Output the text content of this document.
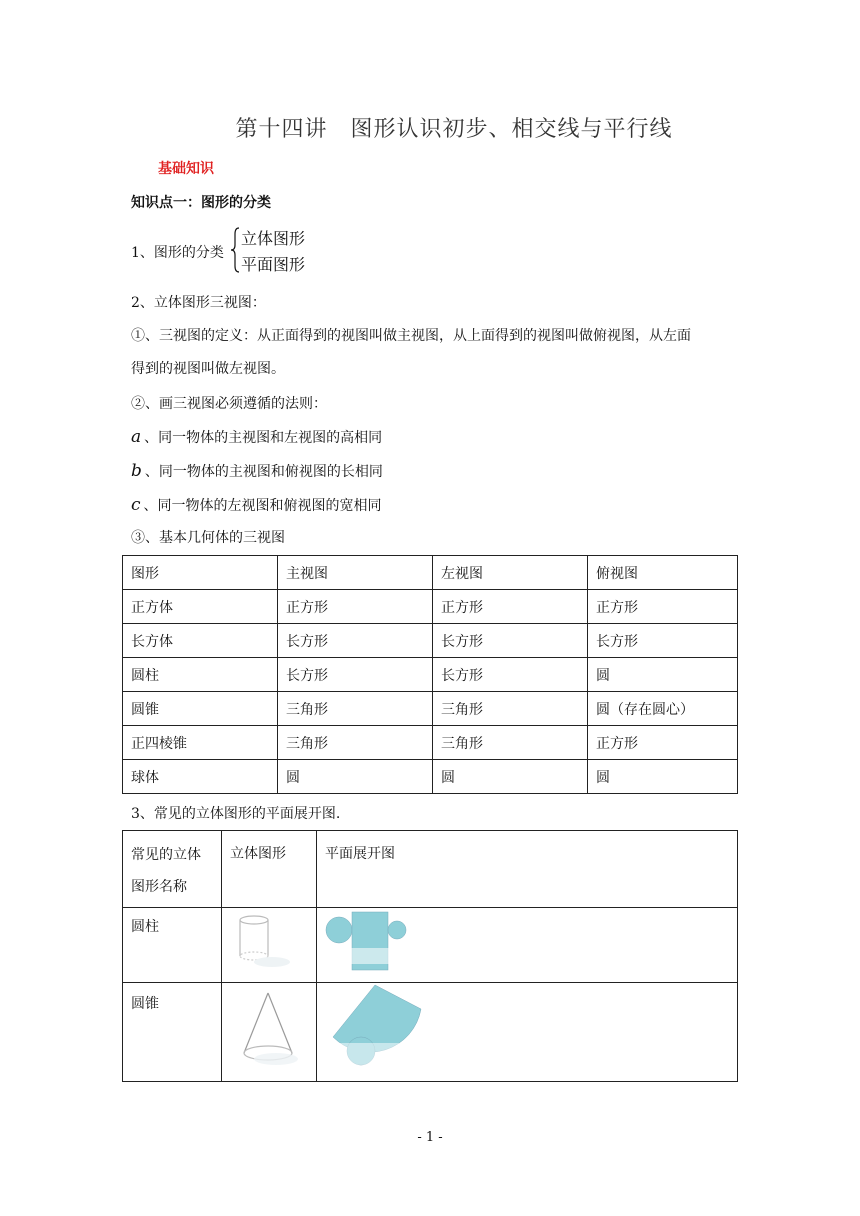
第十四讲　图形认识初步、相交线与平行线
基础知识
知识点一：图形的分类
1、图形的分类
立体图形
平面图形
2、立体图形三视图：
①、三视图的定义：从正面得到的视图叫做主视图，从上面得到的视图叫做俯视图，从左面
得到的视图叫做左视图。
②、画三视图必须遵循的法则：
a 、同一物体的主视图和左视图的高相同
b 、同一物体的主视图和俯视图的长相同
c 、同一物体的左视图和俯视图的宽相同
③、基本几何体的三视图
图形	主视图	左视图	俯视图
正方体	正方形	正方形	正方形
长方体	长方形	长方形	长方形
圆柱	长方形	长方形	圆
圆锥	三角形	三角形	圆（存在圆心）
正四棱锥	三角形	三角形	正方形
球体	圆	圆	圆
3、常见的立体图形的平面展开图.
常见的立体
图形名称	立体图形	平面展开图
圆柱		
圆锥		
- 1 -
